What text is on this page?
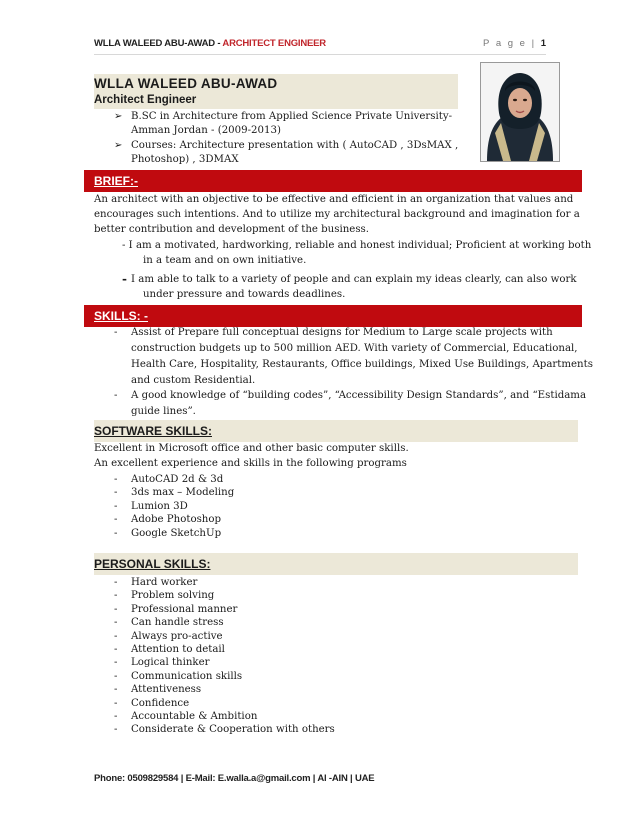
WLLA WALEED ABU-AWAD - ARCHITECT ENGINEER	P a g e | 1
WLLA WALEED ABU-AWAD
Architect Engineer
➢ B.SC in Architecture from Applied Science Private University-
Amman Jordan - (2009-2013)
➢ Courses: Architecture presentation with ( AutoCAD , 3DsMAX ,
Photoshop) , 3DMAX
BRIEF:-
An architect with an objective to be effective and efficient in an organization that values and
encourages such intentions. And to utilize my architectural background and imagination for a
better contribution and development of the business.
- I am a motivated, hardworking, reliable and honest individual; Proficient at working both
in a team and on own initiative.
- I am able to talk to a variety of people and can explain my ideas clearly, can also work
under pressure and towards deadlines.
SKILLS: -
- Assist of Prepare full conceptual designs for Medium to Large scale projects with
construction budgets up to 500 million AED. With variety of Commercial, Educational,
Health Care, Hospitality, Restaurants, Office buildings, Mixed Use Buildings, Apartments
and custom Residential.
- A good knowledge of “building codes”, “Accessibility Design Standards”, and “Estidama
guide lines”.
SOFTWARE SKILLS:
Excellent in Microsoft office and other basic computer skills.
An excellent experience and skills in the following programs
-
-
-
-
-
AutoCAD 2d & 3d
3ds max – Modeling
Lumion 3D
Adobe Photoshop
Google SketchUp
PERSONAL SKILLS:
-
-
-
-
-
-
-
-
-
-
-
-
Hard worker
Problem solving
Professional manner
Can handle stress
Always pro-active
Attention to detail
Logical thinker
Communication skills
Attentiveness
Confidence
Accountable & Ambition
Considerate & Cooperation with others
Phone: 0509829584 | E-Mail: E.walla.a@gmail.com | Al -AIN | UAE
